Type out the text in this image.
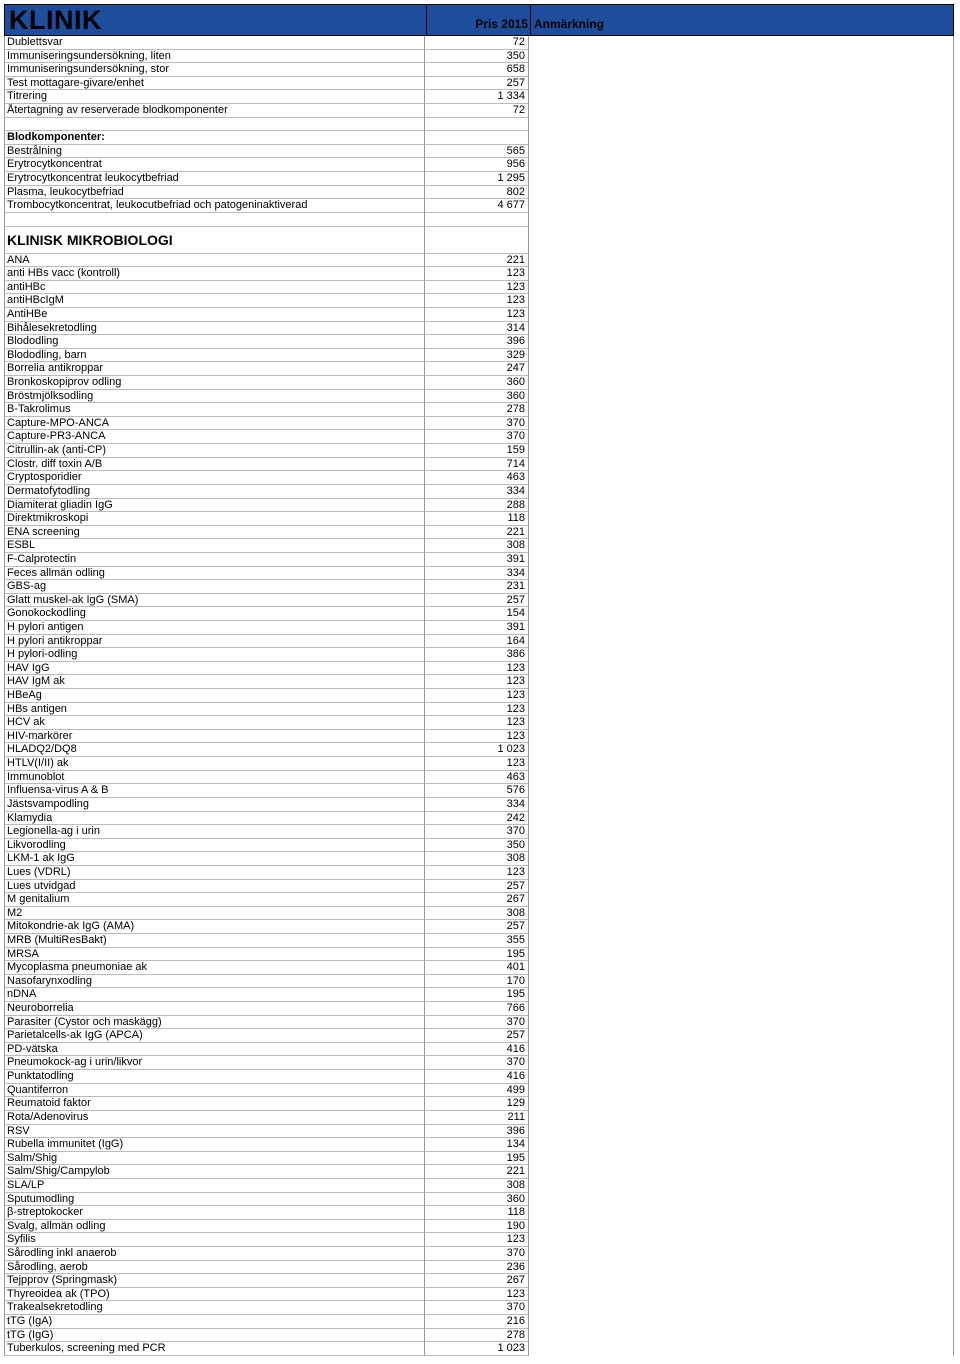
KLINIK	Pris 2015 Anmärkning
Dublettsvar	72
Immuniseringsundersökning, liten	350
Immuniseringsundersökning, stor	658
Test mottagare-givare/enhet	257
Titrering	1 334
Återtagning av reserverade blodkomponenter	72
Blodkomponenter:
Bestrålning	565
Erytrocytkoncentrat	956
Erytrocytkoncentrat leukocytbefriad	1 295
Plasma, leukocytbefriad	802
Trombocytkoncentrat, leukocutbefriad och patogeninaktiverad	4 677
KLINISK MIKROBIOLOGI
ANA	221
anti HBs vacc (kontroll)	123
antiHBc	123
antiHBcIgM	123
AntiHBe	123
Bihålesekretodling	314
Blododling	396
Blododling, barn	329
Borrelia antikroppar	247
Bronkoskopiprov odling	360
Bröstmjölksodling	360
B-Takrolimus	278
Capture-MPO-ANCA	370
Capture-PR3-ANCA	370
Citrullin-ak (anti-CP)	159
Clostr. diff toxin A/B	714
Cryptosporidier	463
Dermatofytodling	334
Diamiterat gliadin IgG	288
Direktmikroskopi	118
ENA screening	221
ESBL	308
F-Calprotectin	391
Feces allmän odling	334
GBS-ag	231
Glatt muskel-ak IgG (SMA)	257
Gonokockodling	154
H pylori antigen	391
H pylori antikroppar	164
H pylori-odling	386
HAV IgG	123
HAV IgM ak	123
HBeAg	123
HBs antigen	123
HCV ak	123
HIV-markörer	123
HLADQ2/DQ8	1 023
HTLV(I/II) ak	123
Immunoblot	463
Influensa-virus A & B	576
Jästsvampodling	334
Klamydia	242
Legionella-ag i urin	370
Likvorodling	350
LKM-1 ak IgG	308
Lues (VDRL)	123
Lues utvidgad	257
M genitalium	267
M2	308
Mitokondrie-ak IgG (AMA)	257
MRB (MultiResBakt)	355
MRSA	195
Mycoplasma pneumoniae ak	401
Nasofarynxodling	170
nDNA	195
Neuroborrelia	766
Parasiter (Cystor och maskägg)	370
Parietalcells-ak IgG (APCA)	257
PD-vätska	416
Pneumokock-ag i urin/likvor	370
Punktatodling	416
Quantiferron	499
Reumatoid faktor	129
Rota/Adenovirus	211
RSV	396
Rubella immunitet (IgG)	134
Salm/Shig	195
Salm/Shig/Campylob	221
SLA/LP	308
Sputumodling	360
β-streptokocker	118
Svalg, allmän odling	190
Syfilis	123
Sårodling inkl anaerob	370
Sårodling, aerob	236
Tejpprov (Springmask)	267
Thyreoidea ak (TPO)	123
Trakealsekretodling	370
tTG (IgA)	216
tTG (IgG)	278
Tuberkulos, screening med PCR	1 023
